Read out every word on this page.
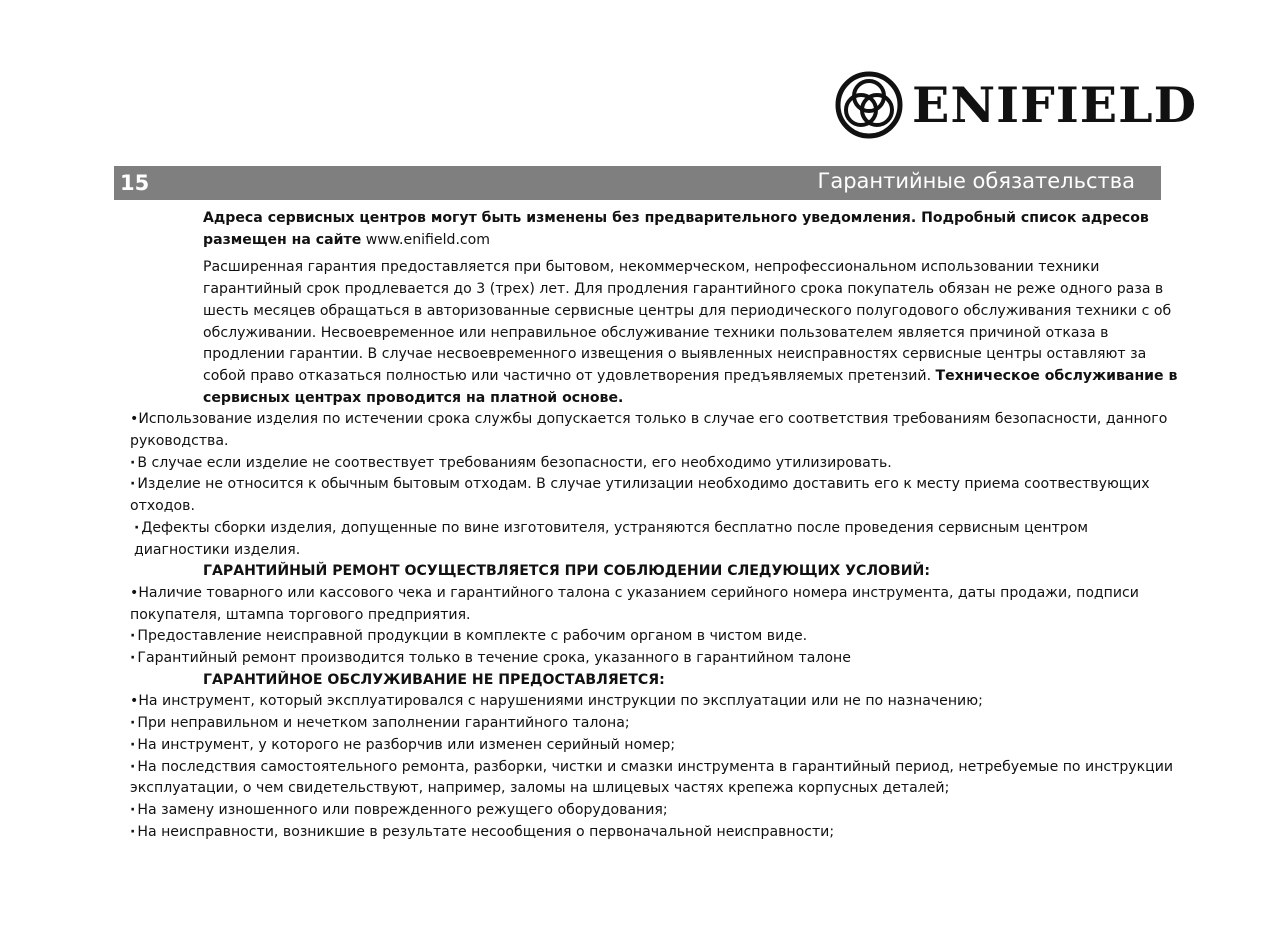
ENIFIELD
15	Гарантийные обязательства

Адреса сервисных центров могут быть изменены без предварительного уведомления. Подробный список адресов размещен на сайте www.enifield.com

Расширенная гарантия предоставляется при бытовом, некоммерческом, непрофессиональном использовании техники гарантийный срок продлевается до 3 (трех) лет. Для продления гарантийного срока покупатель обязан не реже одного раза в шесть месяцев обращаться в авторизованные сервисные центры для периодического полугодового обслуживания техники с об обслуживании. Несвоевременное или неправильное обслуживание техники пользователем является причиной отказа в продлении гарантии. В случае несвоевременного извещения о выявленных неисправностях сервисные центры оставляют за собой право отказаться полностью или частично от удовлетворения предъявляемых претензий. Техническое обслуживание в сервисных центрах проводится на платной основе.

• Использование изделия по истечении срока службы допускается только в случае его соответствия требованиям безопасности, данного руководства.

· В случае если изделие не соотвествует требованиям безопасности, его необходимо утилизировать.

· Изделие не относится к обычным бытовым отходам. В случае утилизации необходимо доставить его к месту приема соотвествующих отходов.

· Дефекты сборки изделия, допущенные по вине изготовителя, устраняются бесплатно после проведения сервисным центром диагностики изделия.

ГАРАНТИЙНЫЙ РЕМОНТ ОСУЩЕСТВЛЯЕТСЯ ПРИ СОБЛЮДЕНИИ СЛЕДУЮЩИХ УСЛОВИЙ:

• Наличие товарного или кассового чека и гарантийного талона с указанием серийного номера инструмента, даты продажи, подписи покупателя, штампа торгового предприятия.

· Предоставление неисправной продукции в комплекте с рабочим органом в чистом виде.

· Гарантийный ремонт производится только в течение срока, указанного в гарантийном талоне

ГАРАНТИЙНОЕ ОБСЛУЖИВАНИЕ НЕ ПРЕДОСТАВЛЯЕТСЯ:

• На инструмент, который эксплуатировался с нарушениями инструкции по эксплуатации или не по назначению;

· При неправильном и нечетком заполнении гарантийного талона;

· На инструмент, у которого не разборчив или изменен серийный номер;

· На последствия самостоятельного ремонта, разборки, чистки и смазки инструмента в гарантийный период, нетребуемые по инструкции эксплуатации, о чем свидетельствуют, например, заломы на шлицевых частях крепежа корпусных деталей;

· На замену изношенного или поврежденного режущего оборудования;

· На неисправности, возникшие в результате несообщения о первоначальной неисправности;
